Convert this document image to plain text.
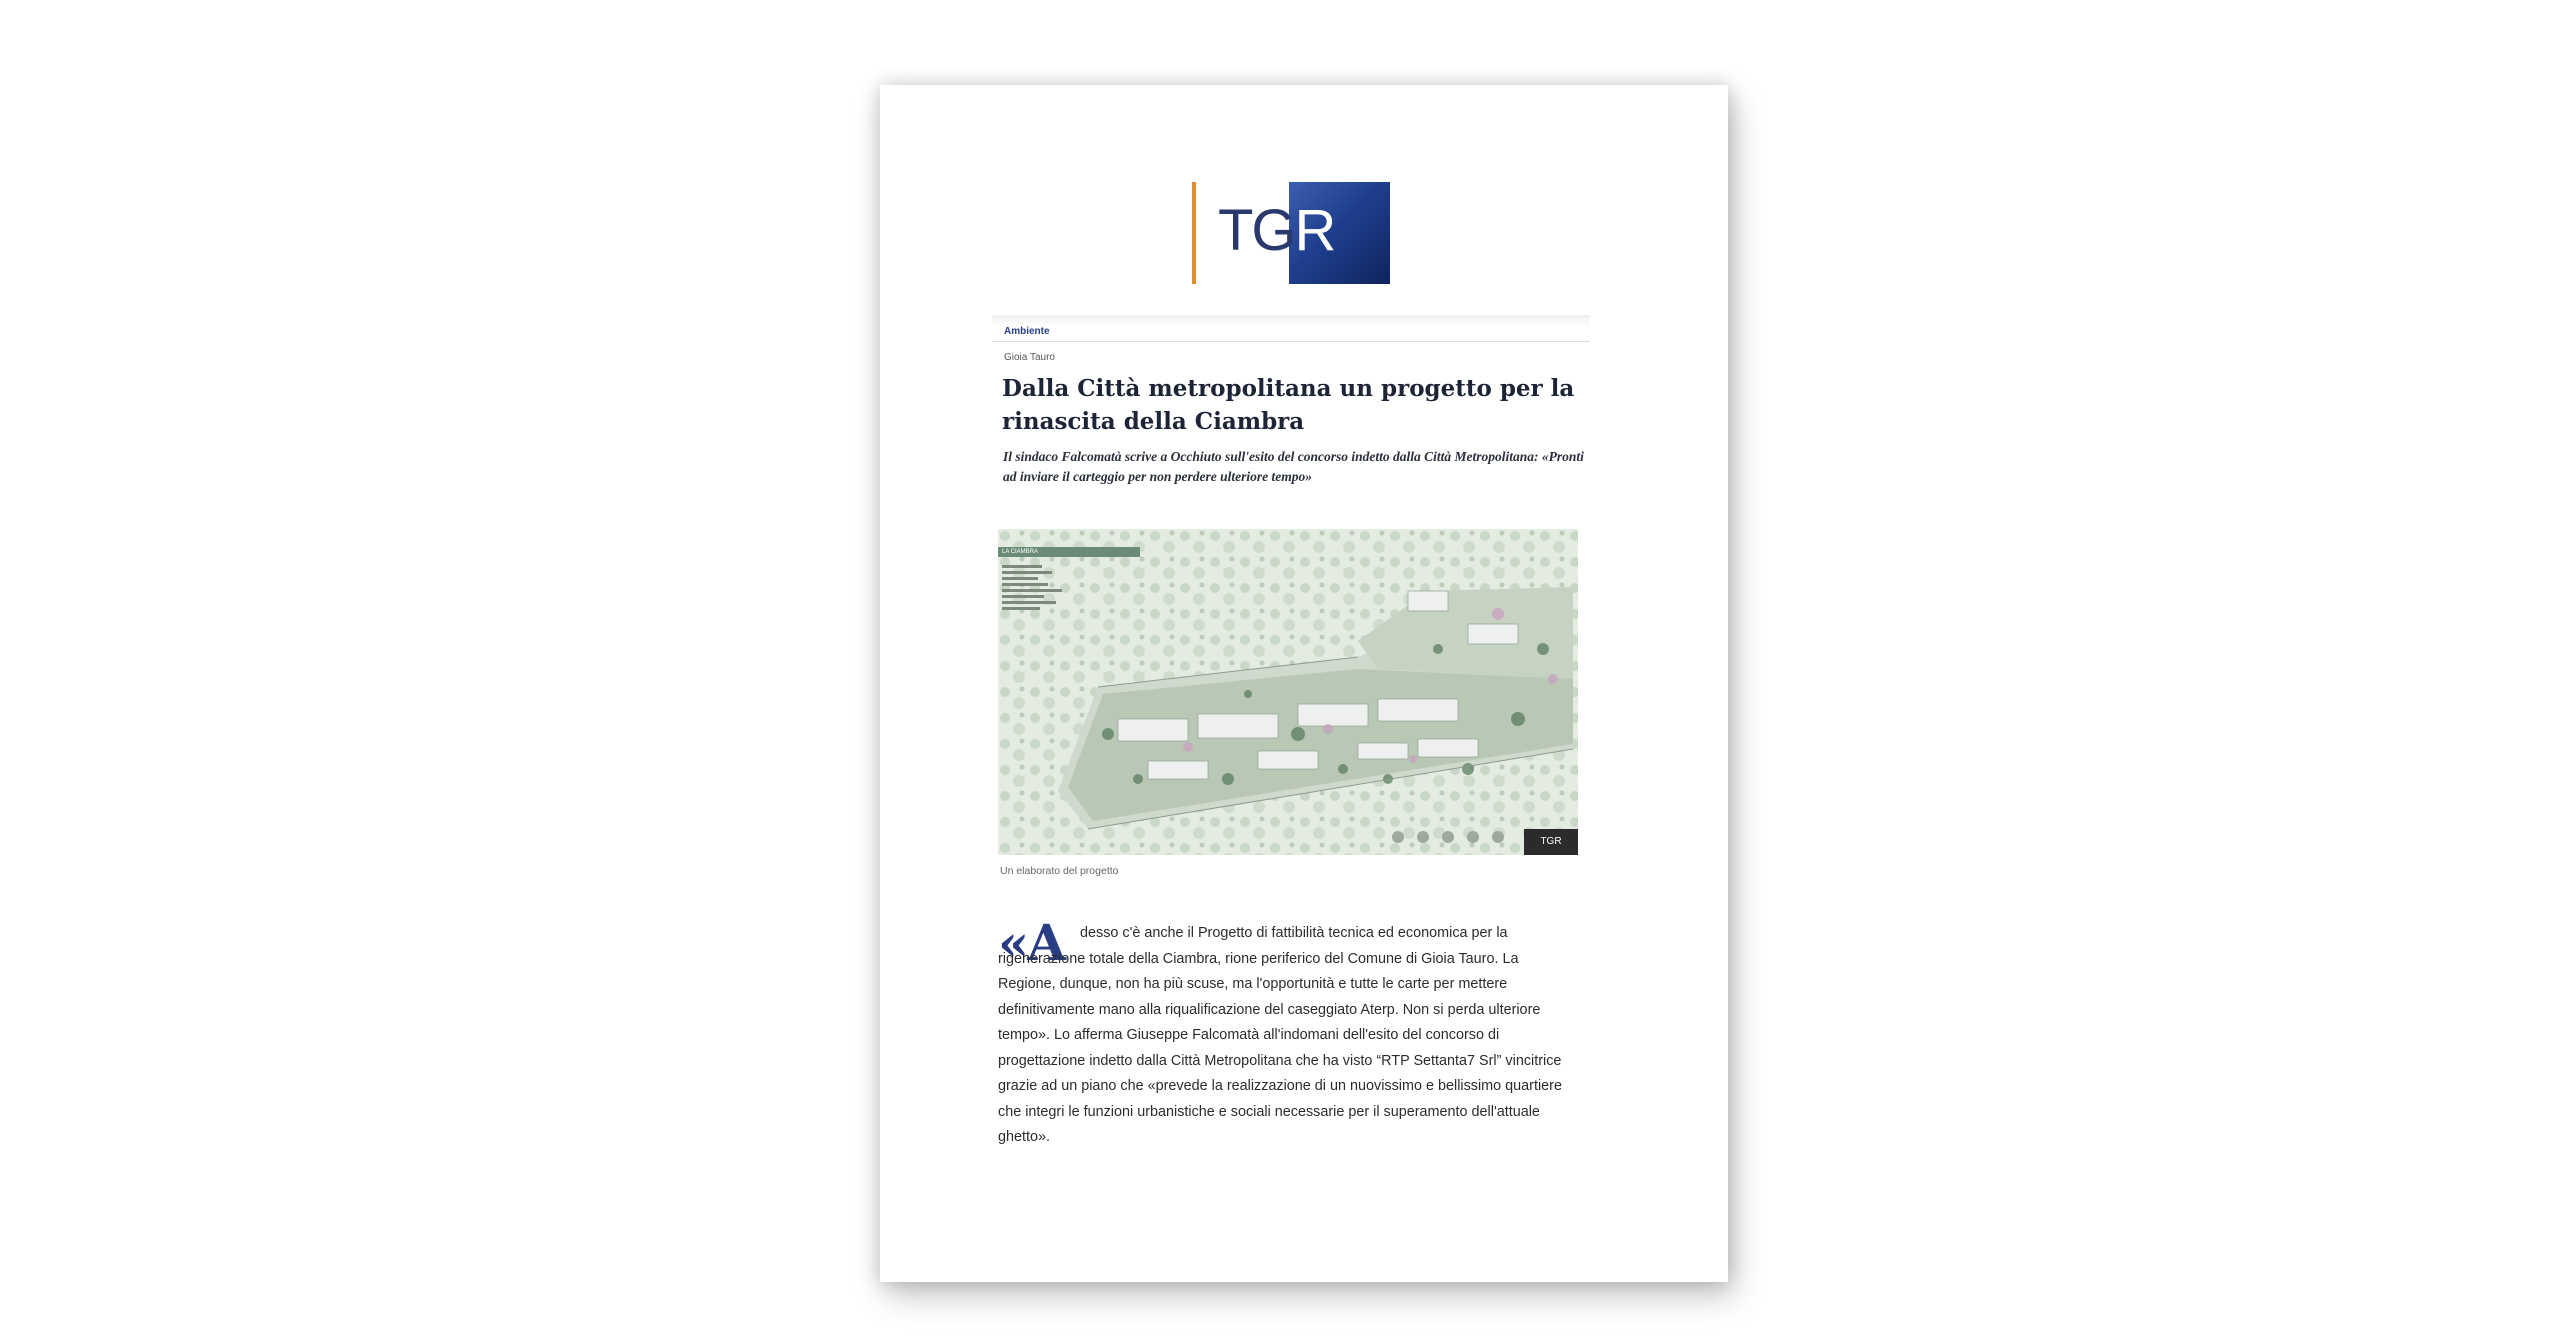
TGR
Ambiente
Gioia Tauro
Dalla Città metropolitana un progetto per la rinascita della Ciambra

Il sindaco Falcomatà scrive a Occhiuto sull'esito del concorso indetto dalla Città Metropolitana: «Pronti ad inviare il carteggio per non perdere ulteriore tempo»

LA CIAMBRA
TGR
Un elaborato del progetto
«A	desso c'è anche il Progetto di fattibilità tecnica ed economica per la rigenerazione totale della Ciambra, rione periferico del Comune di Gioia Tauro. La Regione, dunque, non ha più scuse, ma l'opportunità e tutte le carte per mettere definitivamente mano alla riqualificazione del caseggiato Aterp. Non si perda ulteriore tempo». Lo afferma Giuseppe Falcomatà all'indomani dell'esito del concorso di progettazione indetto dalla Città Metropolitana che ha visto “RTP Settanta7 Srl” vincitrice grazie ad un piano che «prevede la realizzazione di un nuovissimo e bellissimo quartiere che integri le funzioni urbanistiche e sociali necessarie per il superamento dell'attuale ghetto».
